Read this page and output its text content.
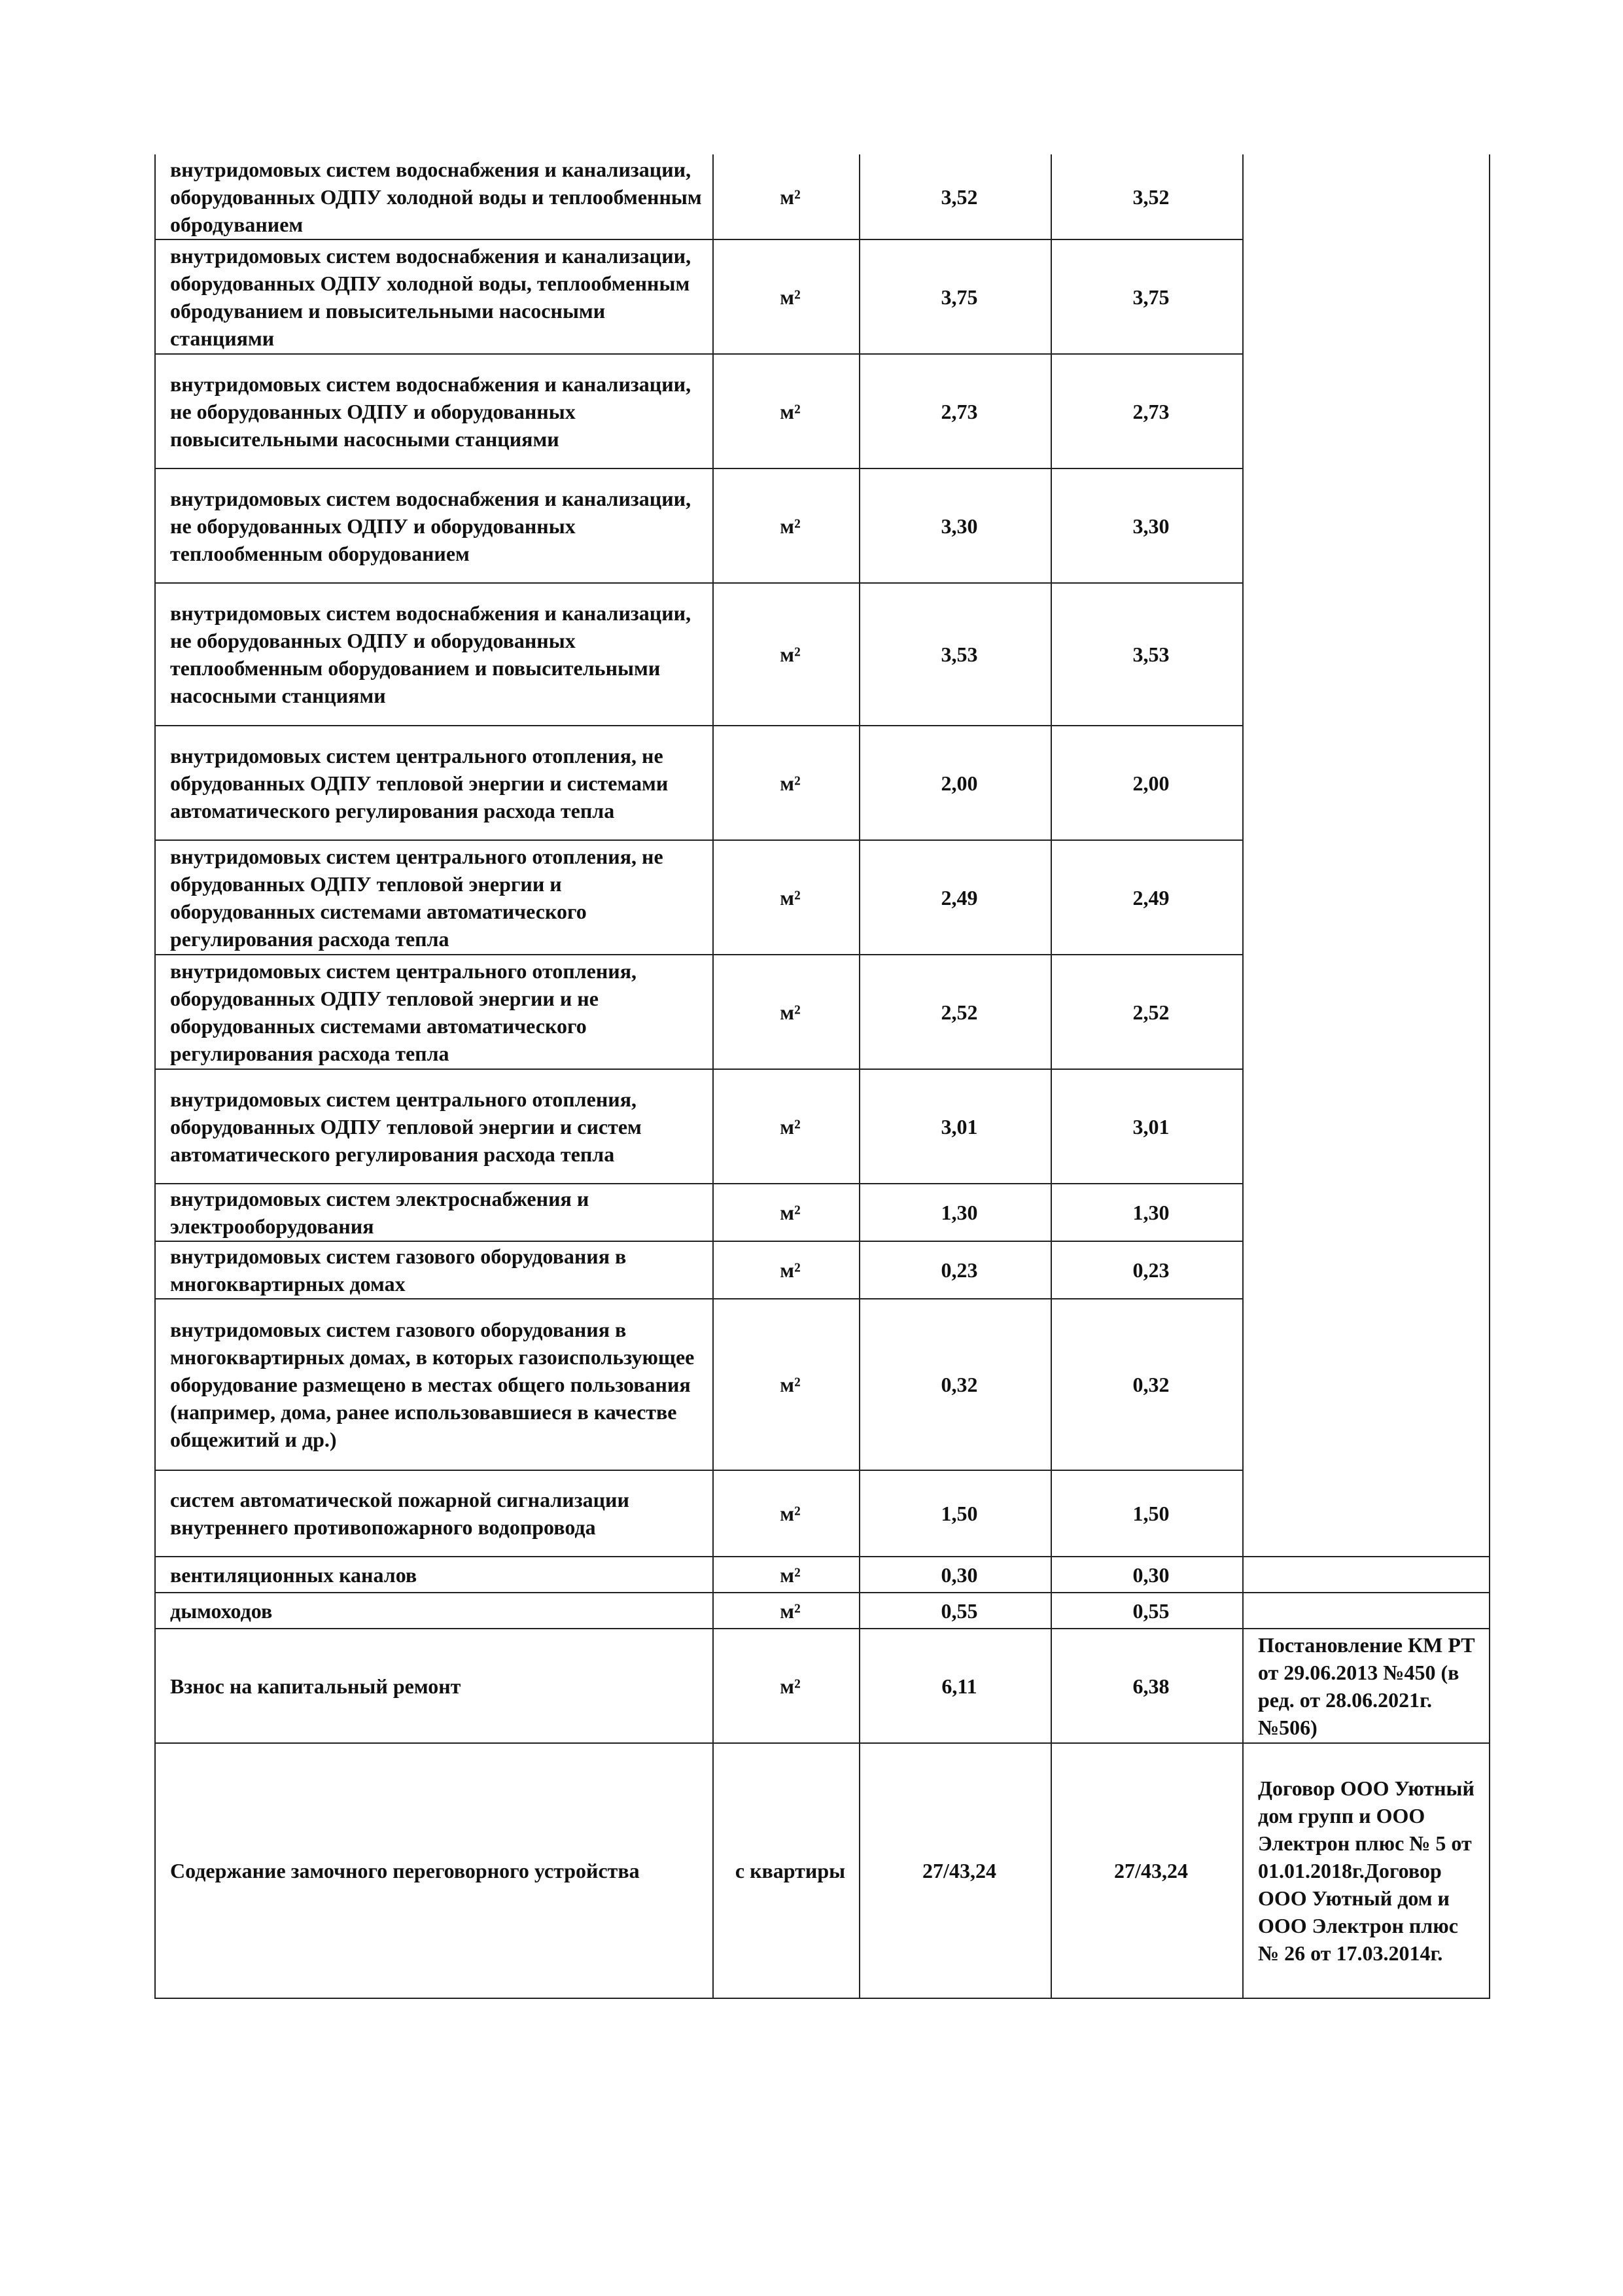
внутридомовых систем водоснабжения и канализации, оборудованных ОДПУ холодной воды и теплообменным обродуванием	м²	3,52	3,52	
внутридомовых систем водоснабжения и канализации, оборудованных ОДПУ холодной воды, теплообменным обродуванием и повысительными насосными станциями	м²	3,75	3,75	
внутридомовых систем водоснабжения и канализации, не оборудованных ОДПУ и оборудованных повысительными насосными станциями	м²	2,73	2,73	
внутридомовых систем водоснабжения и канализации, не оборудованных ОДПУ и оборудованных теплообменным оборудованием	м²	3,30	3,30	
внутридомовых систем водоснабжения и канализации, не оборудованных ОДПУ и оборудованных теплообменным оборудованием и повысительными насосными станциями	м²	3,53	3,53	
внутридомовых систем центрального отопления, не обрудованных ОДПУ тепловой энергии и системами автоматического регулирования расхода тепла	м²	2,00	2,00	
внутридомовых систем центрального отопления, не обрудованных ОДПУ тепловой энергии и оборудованных системами автоматического регулирования расхода тепла	м²	2,49	2,49	
внутридомовых систем центрального отопления, оборудованных ОДПУ тепловой энергии и не оборудованных системами автоматического регулирования расхода тепла	м²	2,52	2,52	
внутридомовых систем центрального отопления, оборудованных ОДПУ тепловой энергии и систем автоматического регулирования расхода тепла	м²	3,01	3,01	
внутридомовых систем электроснабжения и электрооборудования	м²	1,30	1,30	
внутридомовых систем газового оборудования в многоквартирных домах	м²	0,23	0,23	
внутридомовых систем газового оборудования в многоквартирных домах, в которых газоиспользующее оборудование размещено в местах общего пользования (например, дома, ранее использовавшиеся в качестве общежитий и др.)	м²	0,32	0,32	
систем автоматической пожарной сигнализации внутреннего противопожарного водопровода	м²	1,50	1,50	
вентиляционных каналов	м²	0,30	0,30	
дымоходов	м²	0,55	0,55	
Взнос на капитальный ремонт	м²	6,11	6,38	Постановление КМ РТ от 29.06.2013 №450 (в ред. от 28.06.2021г. №506)
Содержание замочного переговорного устройства	с квартиры	27/43,24	27/43,24	Договор ООО Уютный дом групп и ООО Электрон плюс № 5 от 01.01.2018г.Договор ООО Уютный дом и ООО Электрон плюс № 26 от 17.03.2014г.
